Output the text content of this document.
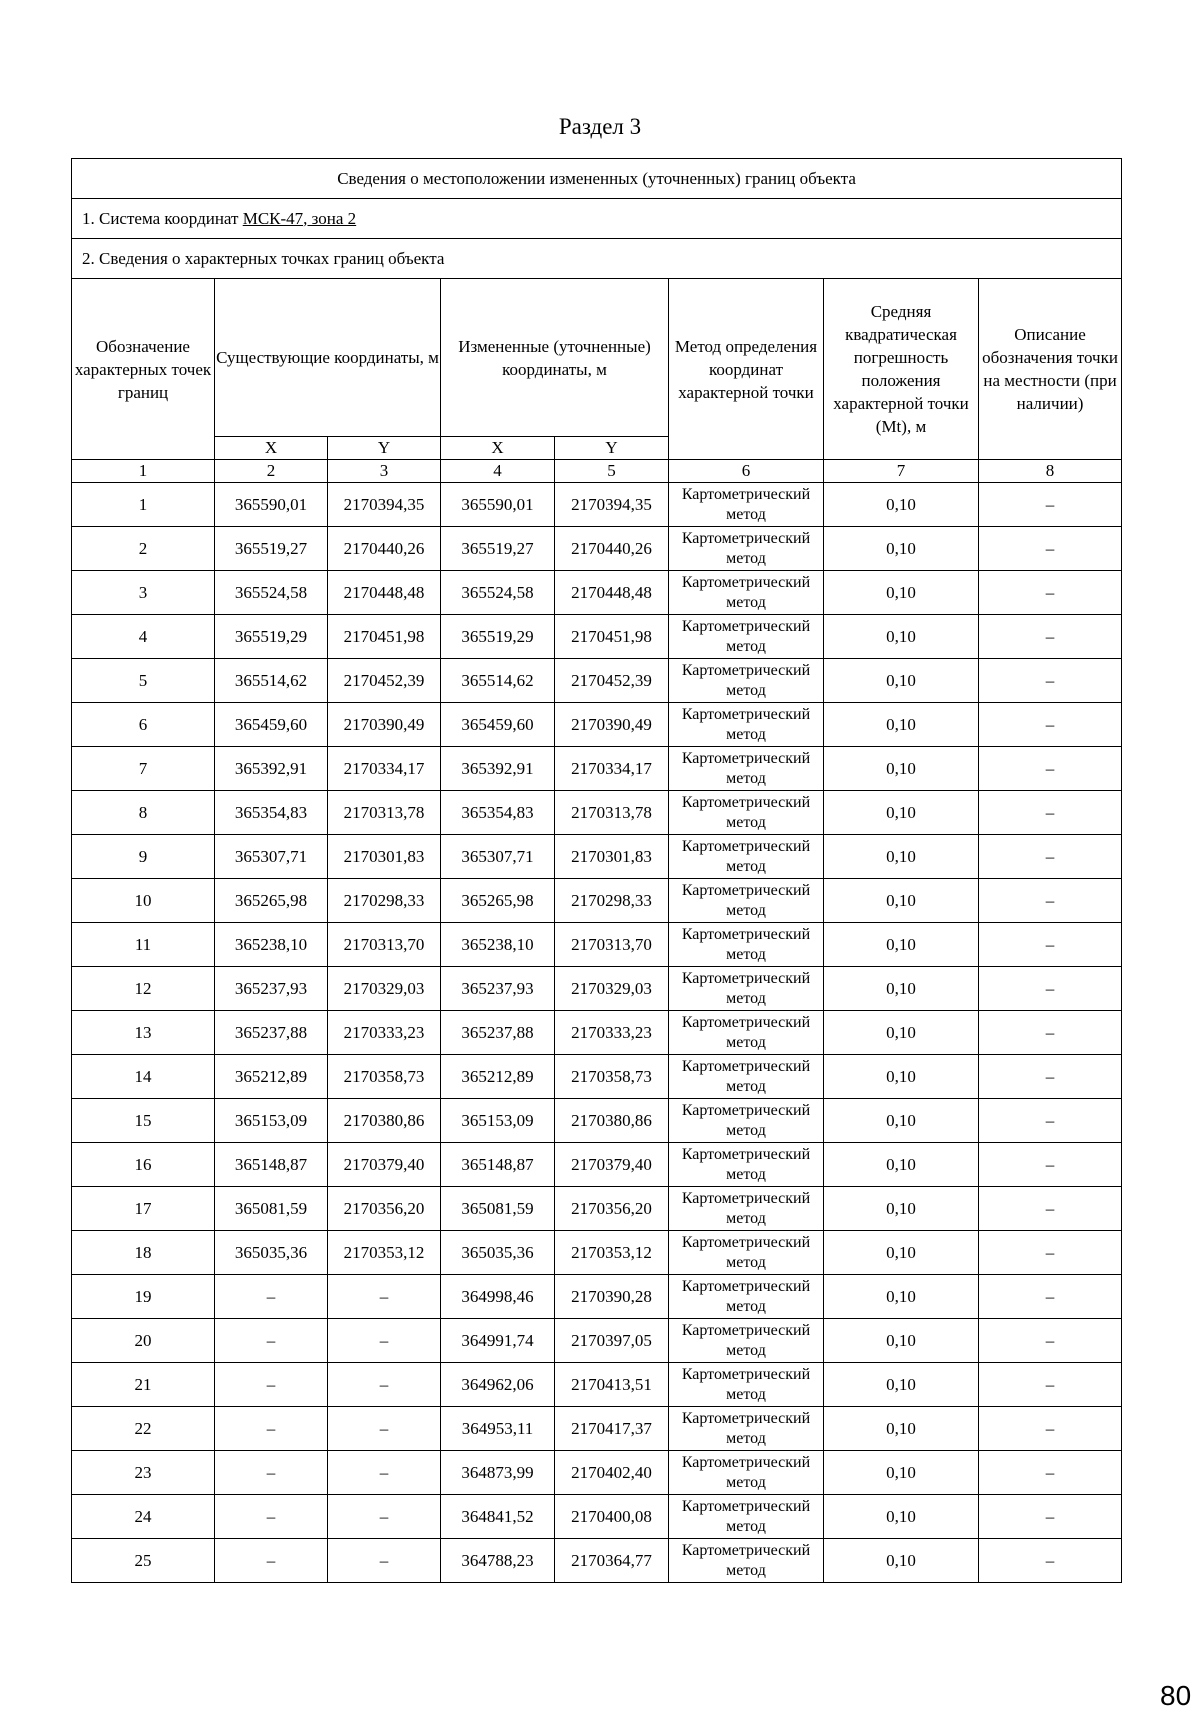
Раздел 3
Сведения о местоположении измененных (уточненных) границ объекта							
1. Система координат МСК-47, зона 2							
2. Сведения о характерных точках границ объекта							
Обозначение характерных точек границ	Существующие координаты, м		Измененные (уточненные) координаты, м		Метод определения координат характерной точки	Средняя квадратическая погрешность положения характерной точки (Mt), м	Описание обозначения точки на местности (при наличии)
	X	Y	X	Y			
1	2	3	4	5	6	7	8
1	365590,01	2170394,35	365590,01	2170394,35	Картометрический метод	0,10	–
2	365519,27	2170440,26	365519,27	2170440,26	Картометрический метод	0,10	–
3	365524,58	2170448,48	365524,58	2170448,48	Картометрический метод	0,10	–
4	365519,29	2170451,98	365519,29	2170451,98	Картометрический метод	0,10	–
5	365514,62	2170452,39	365514,62	2170452,39	Картометрический метод	0,10	–
6	365459,60	2170390,49	365459,60	2170390,49	Картометрический метод	0,10	–
7	365392,91	2170334,17	365392,91	2170334,17	Картометрический метод	0,10	–
8	365354,83	2170313,78	365354,83	2170313,78	Картометрический метод	0,10	–
9	365307,71	2170301,83	365307,71	2170301,83	Картометрический метод	0,10	–
10	365265,98	2170298,33	365265,98	2170298,33	Картометрический метод	0,10	–
11	365238,10	2170313,70	365238,10	2170313,70	Картометрический метод	0,10	–
12	365237,93	2170329,03	365237,93	2170329,03	Картометрический метод	0,10	–
13	365237,88	2170333,23	365237,88	2170333,23	Картометрический метод	0,10	–
14	365212,89	2170358,73	365212,89	2170358,73	Картометрический метод	0,10	–
15	365153,09	2170380,86	365153,09	2170380,86	Картометрический метод	0,10	–
16	365148,87	2170379,40	365148,87	2170379,40	Картометрический метод	0,10	–
17	365081,59	2170356,20	365081,59	2170356,20	Картометрический метод	0,10	–
18	365035,36	2170353,12	365035,36	2170353,12	Картометрический метод	0,10	–
19	–	–	364998,46	2170390,28	Картометрический метод	0,10	–
20	–	–	364991,74	2170397,05	Картометрический метод	0,10	–
21	–	–	364962,06	2170413,51	Картометрический метод	0,10	–
22	–	–	364953,11	2170417,37	Картометрический метод	0,10	–
23	–	–	364873,99	2170402,40	Картометрический метод	0,10	–
24	–	–	364841,52	2170400,08	Картометрический метод	0,10	–
25	–	–	364788,23	2170364,77	Картометрический метод	0,10	–
80
